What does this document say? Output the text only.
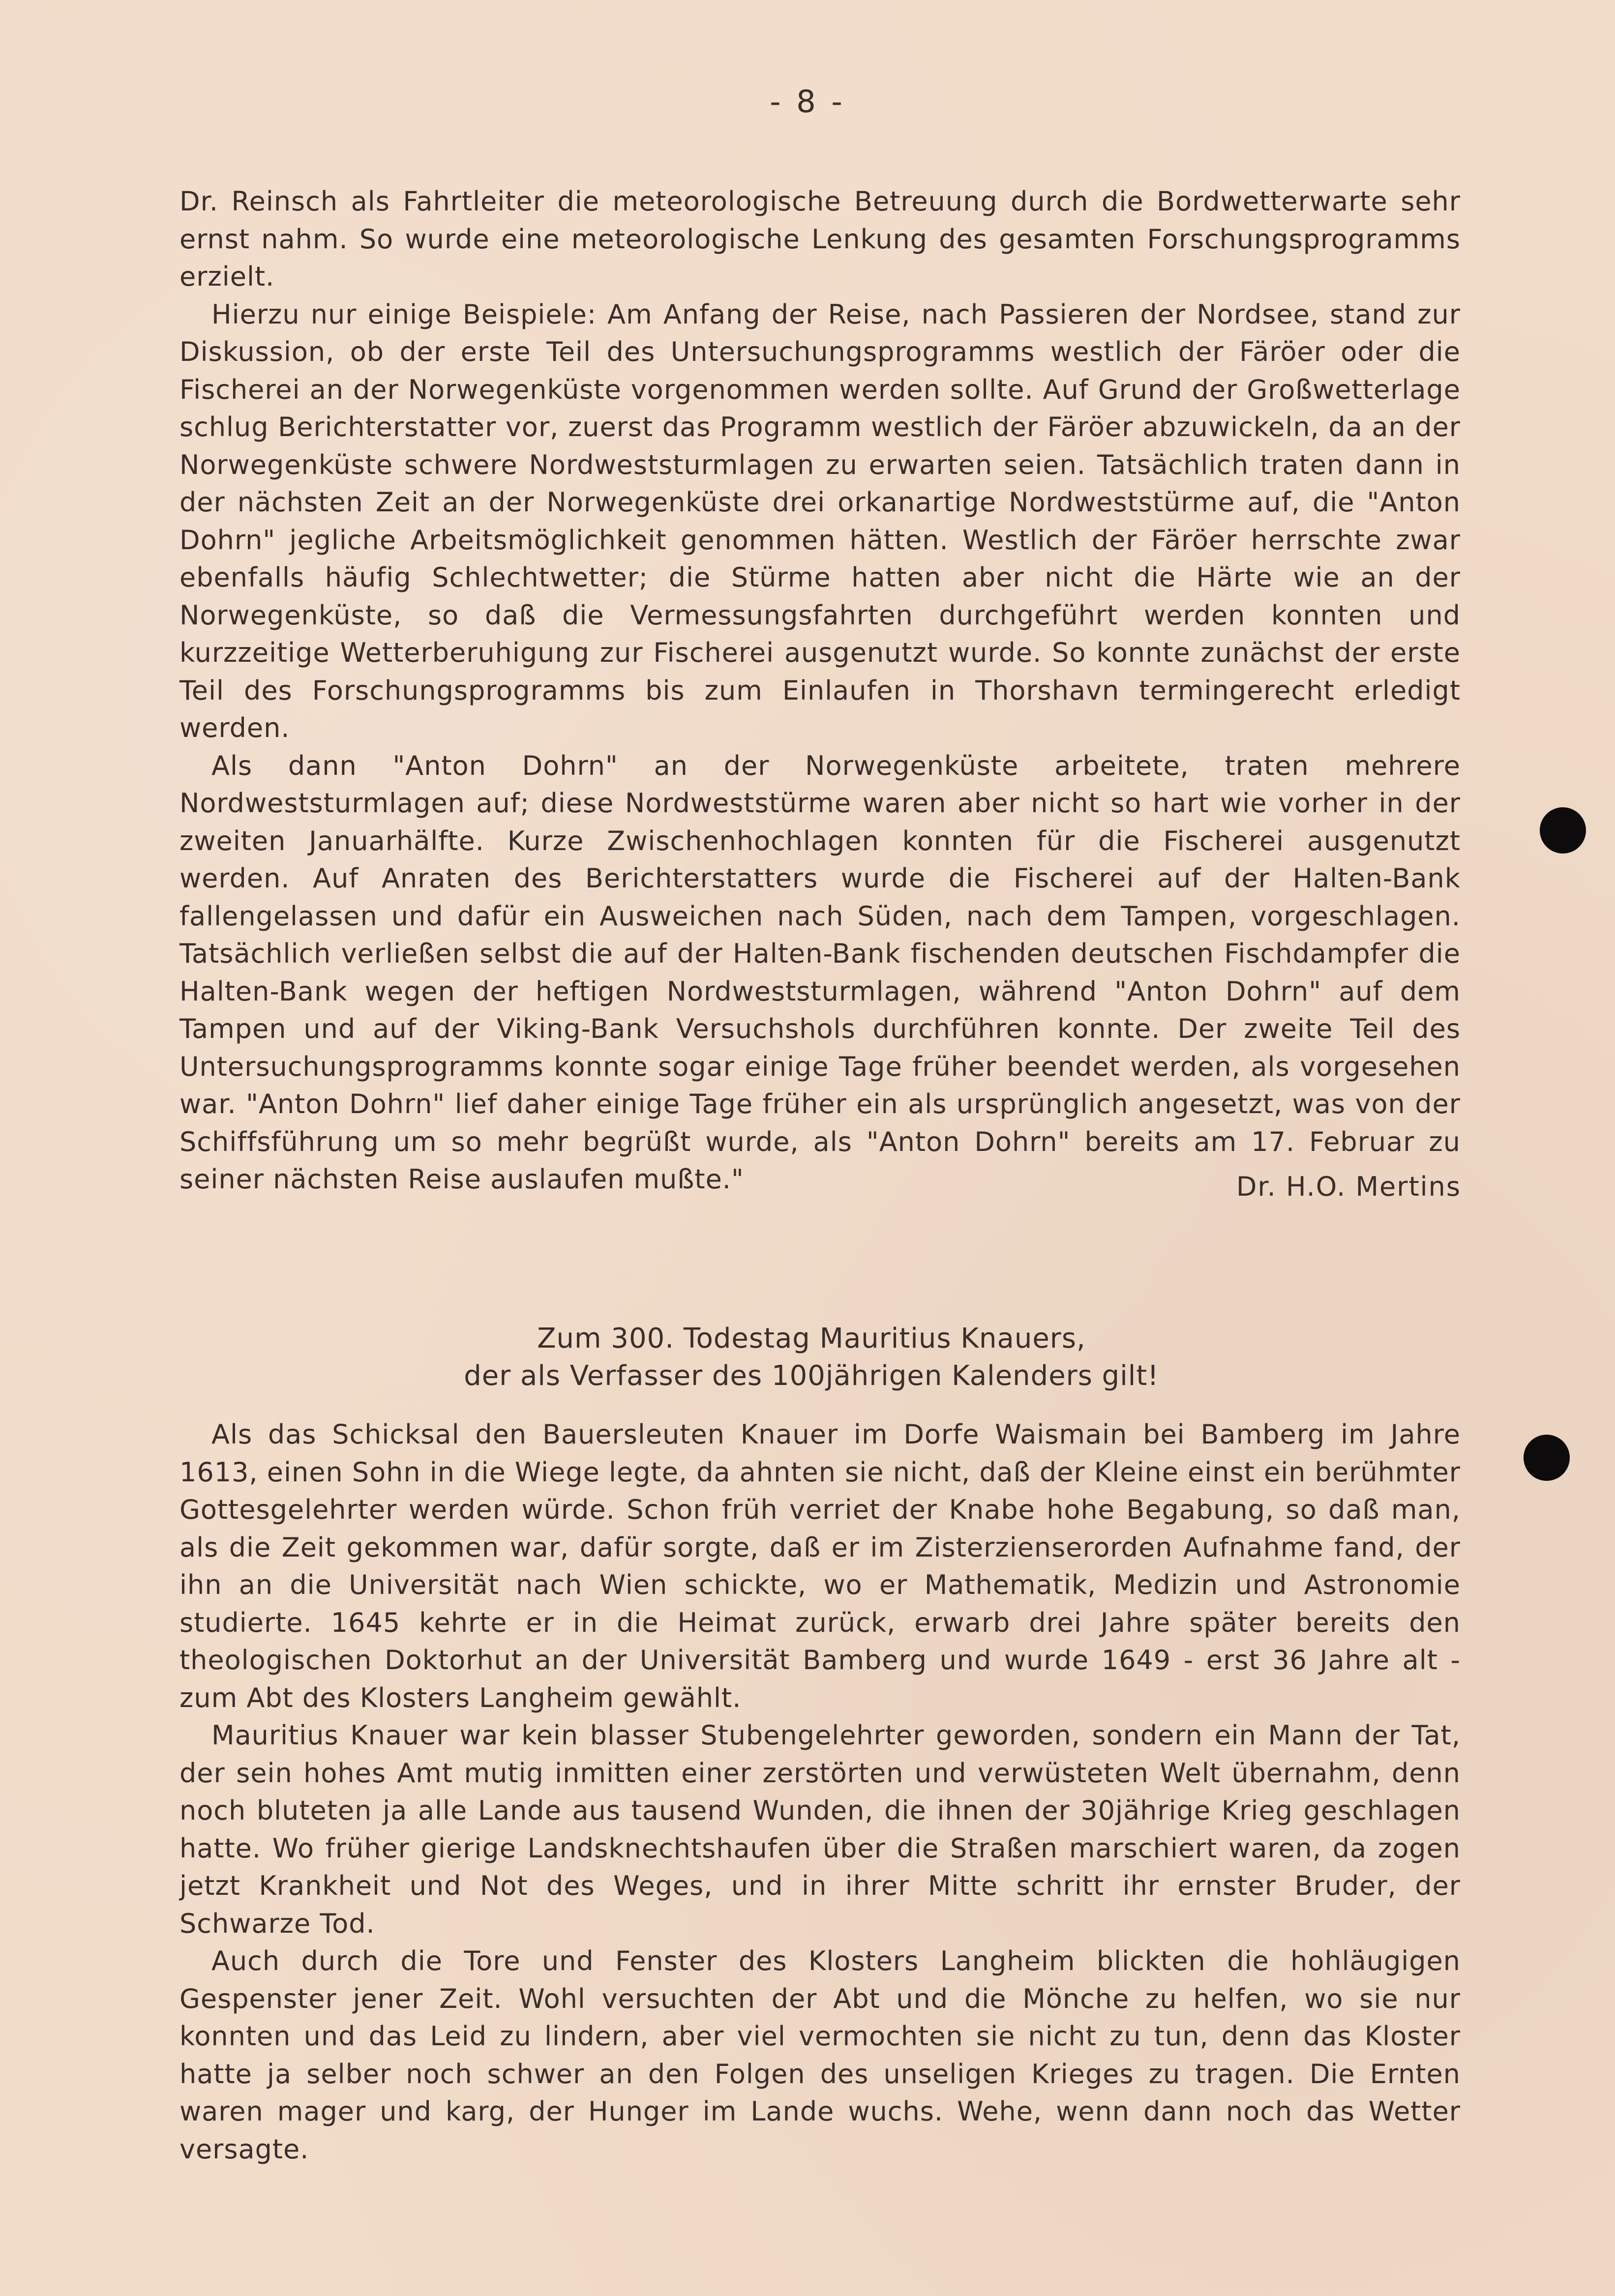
- 8 -

Dr. Reinsch als Fahrtleiter die meteorologische Betreuung durch die Bordwetterwarte sehr ernst nahm. So wurde eine meteorologische Lenkung des gesamten Forschungsprogramms erzielt.

Hierzu nur einige Beispiele: Am Anfang der Reise, nach Passieren der Nordsee, stand zur Diskussion, ob der erste Teil des Untersuchungsprogramms westlich der Färöer oder die Fischerei an der Norwegenküste vorgenommen werden sollte. Auf Grund der Großwetterlage schlug Berichterstatter vor, zuerst das Programm westlich der Färöer abzuwickeln, da an der Norwegenküste schwere Nordweststurmlagen zu erwarten seien. Tatsächlich traten dann in der nächsten Zeit an der Norwegenküste drei orkanartige Nordweststürme auf, die "Anton Dohrn" jegliche Arbeitsmöglichkeit genommen hätten. Westlich der Färöer herrschte zwar ebenfalls häufig Schlechtwetter; die Stürme hatten aber nicht die Härte wie an der Norwegenküste, so daß die Vermessungsfahrten durchgeführt werden konnten und kurzzeitige Wetterberuhigung zur Fischerei ausgenutzt wurde. So konnte zunächst der erste Teil des Forschungsprogramms bis zum Einlaufen in Thorshavn termingerecht erledigt werden.

Als dann "Anton Dohrn" an der Norwegenküste arbeitete, traten mehrere Nordweststurmlagen auf; diese Nordweststürme waren aber nicht so hart wie vorher in der zweiten Januarhälfte. Kurze Zwischenhochlagen konnten für die Fischerei ausgenutzt werden. Auf Anraten des Berichterstatters wurde die Fischerei auf der Halten-Bank fallengelassen und dafür ein Ausweichen nach Süden, nach dem Tampen, vorgeschlagen. Tatsächlich verließen selbst die auf der Halten-Bank fischenden deutschen Fischdampfer die Halten-Bank wegen der heftigen Nordweststurmlagen, während "Anton Dohrn" auf dem Tampen und auf der Viking-Bank Versuchshols durchführen konnte. Der zweite Teil des Untersuchungsprogramms konnte sogar einige Tage früher beendet werden, als vorgesehen war. "Anton Dohrn" lief daher einige Tage früher ein als ursprünglich angesetzt, was von der Schiffsführung um so mehr begrüßt wurde, als "Anton Dohrn" bereits am 17. Februar zu seiner nächsten Reise auslaufen mußte."	Dr. H.O. Mertins
Zum 300. Todestag Mauritius Knauers,
der als Verfasser des 100jährigen Kalenders gilt!

Als das Schicksal den Bauersleuten Knauer im Dorfe Waismain bei Bamberg im Jahre 1613, einen Sohn in die Wiege legte, da ahnten sie nicht, daß der Kleine einst ein berühmter Gottesgelehrter werden würde. Schon früh verriet der Knabe hohe Begabung, so daß man, als die Zeit gekommen war, dafür sorgte, daß er im Zisterzienserorden Aufnahme fand, der ihn an die Universität nach Wien schickte, wo er Mathematik, Medizin und Astronomie studierte. 1645 kehrte er in die Heimat zurück, erwarb drei Jahre später bereits den theologischen Doktorhut an der Universität Bamberg und wurde 1649 - erst 36 Jahre alt - zum Abt des Klosters Langheim gewählt.

Mauritius Knauer war kein blasser Stubengelehrter geworden, sondern ein Mann der Tat, der sein hohes Amt mutig inmitten einer zerstörten und verwüsteten Welt übernahm, denn noch bluteten ja alle Lande aus tausend Wunden, die ihnen der 30jährige Krieg geschlagen hatte. Wo früher gierige Landsknechtshaufen über die Straßen marschiert waren, da zogen jetzt Krankheit und Not des Weges, und in ihrer Mitte schritt ihr ernster Bruder, der Schwarze Tod.

Auch durch die Tore und Fenster des Klosters Langheim blickten die hohläugigen Gespenster jener Zeit. Wohl versuchten der Abt und die Mönche zu helfen, wo sie nur konnten und das Leid zu lindern, aber viel vermochten sie nicht zu tun, denn das Kloster hatte ja selber noch schwer an den Folgen des unseligen Krieges zu tragen. Die Ernten waren mager und karg, der Hunger im Lande wuchs. Wehe, wenn dann noch das Wetter versagte.
